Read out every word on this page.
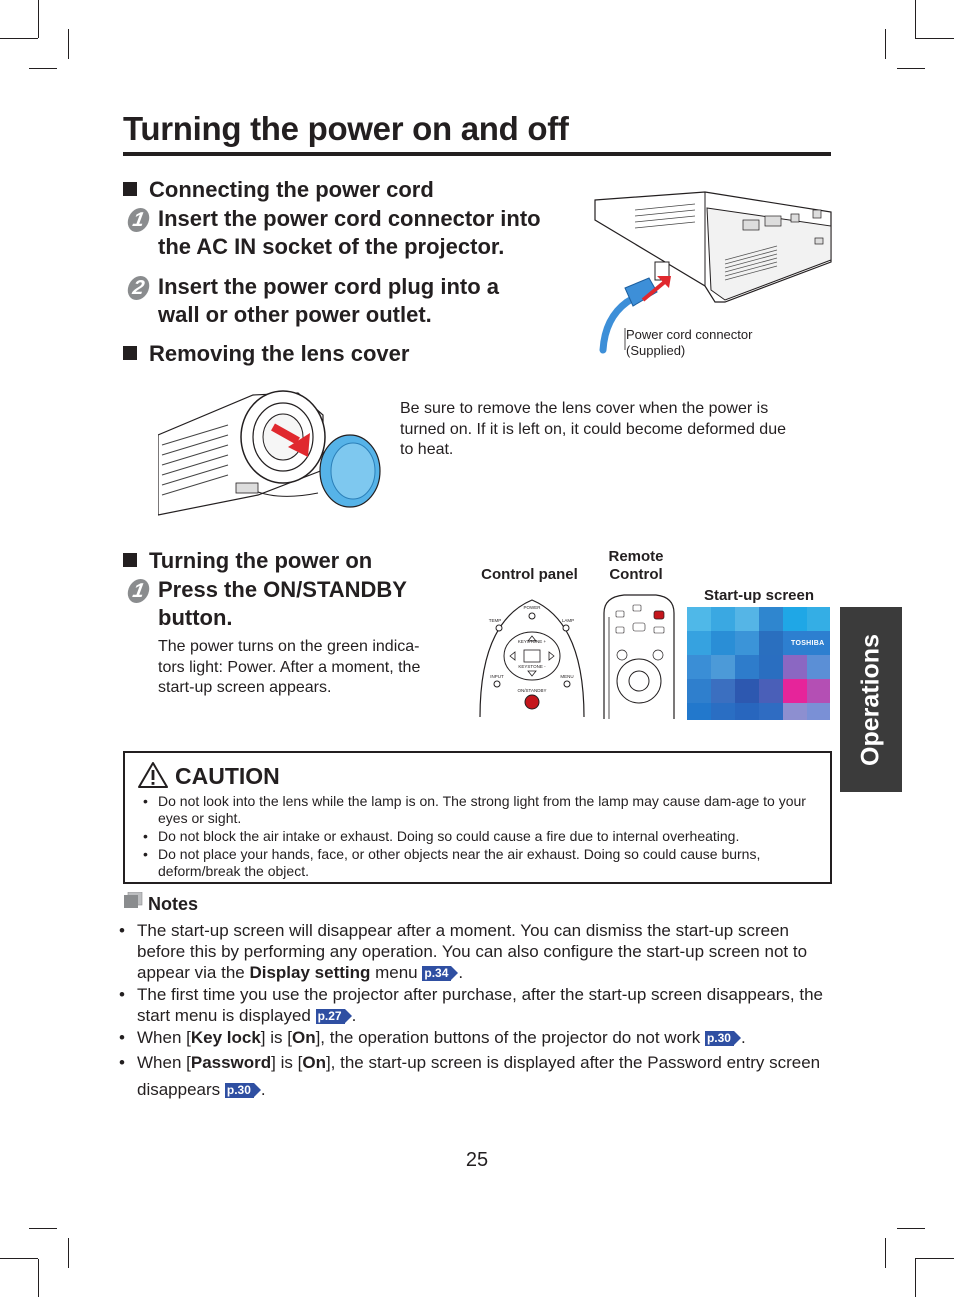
Turning the power on and off
Connecting the power cord
1 Insert the power cord connector into
the AC IN socket of the projector.
2 Insert the power cord plug into a
wall or other power outlet.
Power cord connector
(Supplied)
Removing the lens cover
Be sure to remove the lens cover when the power is
turned on. If it is left on, it could become deformed due
to heat.
Turning the power on
1 Press the ON/STANDBY
button.
The power turns on the green indica-
tors light: Power. After a moment, the
start-up screen appears.
Control panel
Remote
Control
Start-up screen
POWER
TEMP	LAMP
KEYSTONE +
KEYSTONE -
INPUT	MENU
ON/STANDBY
TOSHIBA Operations
CAUTION
• Do not look into the lens while the lamp is on. The strong light from the lamp may cause dam-age to your eyes or sight.
• Do not block the air intake or exhaust. Doing so could cause a fire due to internal overheating.
• Do not place your hands, face, or other objects near the air exhaust. Doing so could cause burns, deform/break the object.
Notes
• The start-up screen will disappear after a moment. You can dismiss the start-up screen before this by performing any operation. You can also configure the start-up screen not to appear via the Display setting menu p.34 .
• The first time you use the projector after purchase, after the start-up screen disappears, the start menu is displayed p.27 .
• When [Key lock] is [On], the operation buttons of the projector do not work p.30 .
• When [Password] is [On], the start-up screen is displayed after the Password entry screen disappears p.30 .
25
